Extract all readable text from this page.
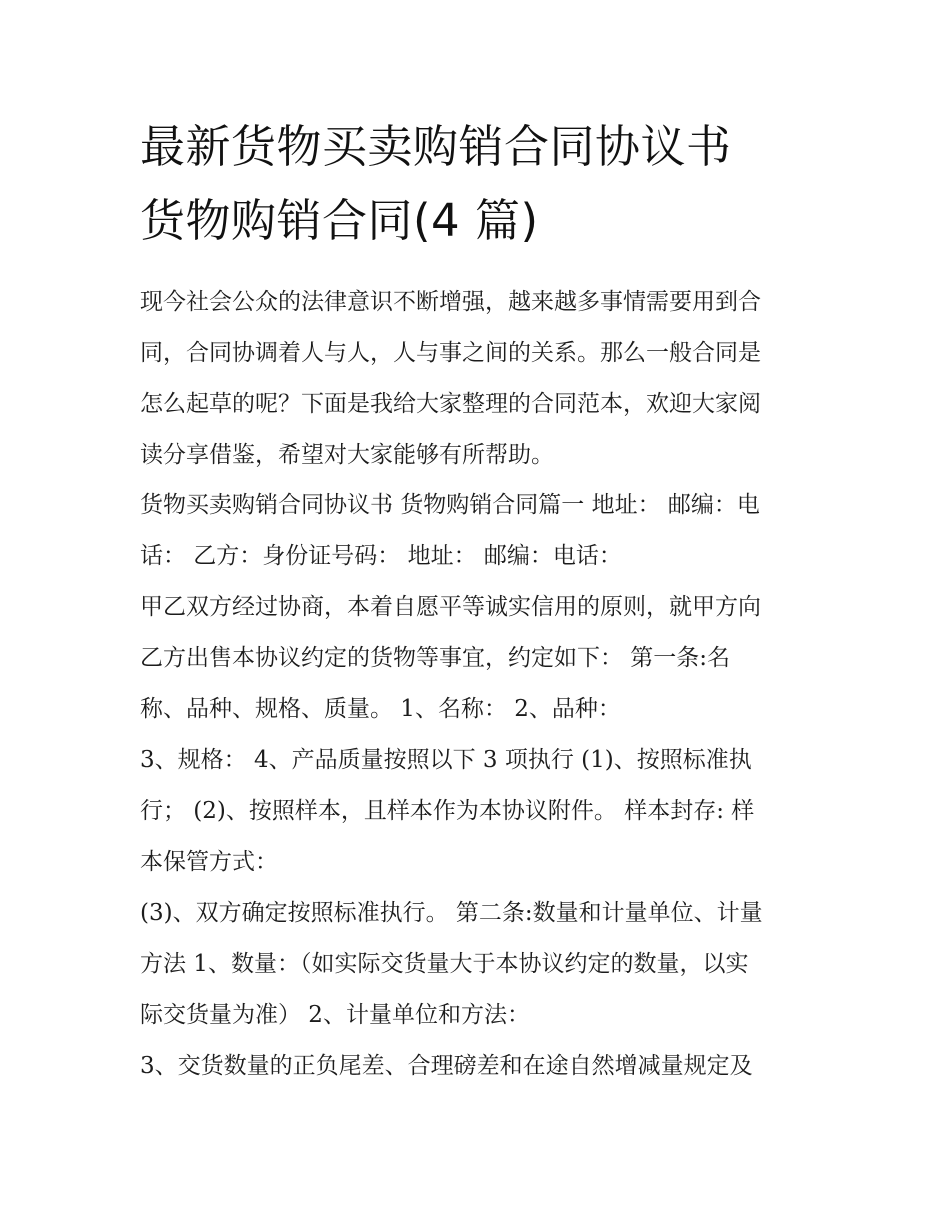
最新货物买卖购销合同协议书
货物购销合同(4 篇)

现今社会公众的法律意识不断增强，越来越多事情需要用到合
同，合同协调着人与人，人与事之间的关系。那么一般合同是
怎么起草的呢？下面是我给大家整理的合同范本，欢迎大家阅
读分享借鉴，希望对大家能够有所帮助。

货物买卖购销合同协议书 货物购销合同篇一 地址： 邮编：电
话： 乙方：身份证号码： 地址： 邮编：电话：

甲乙双方经过协商，本着自愿平等诚实信用的原则，就甲方向
乙方出售本协议约定的货物等事宜，约定如下： 第一条:名
称、品种、规格、质量。 1、名称： 2、品种：

3、规格： 4、产品质量按照以下 3 项执行 (1)、按照标准执
行； (2)、按照样本，且样本作为本协议附件。 样本封存: 样
本保管方式：

(3)、双方确定按照标准执行。 第二条:数量和计量单位、计量
方法 1、数量：（如实际交货量大于本协议约定的数量，以实
际交货量为准） 2、计量单位和方法：

3、交货数量的正负尾差、合理磅差和在途自然增减量规定及
